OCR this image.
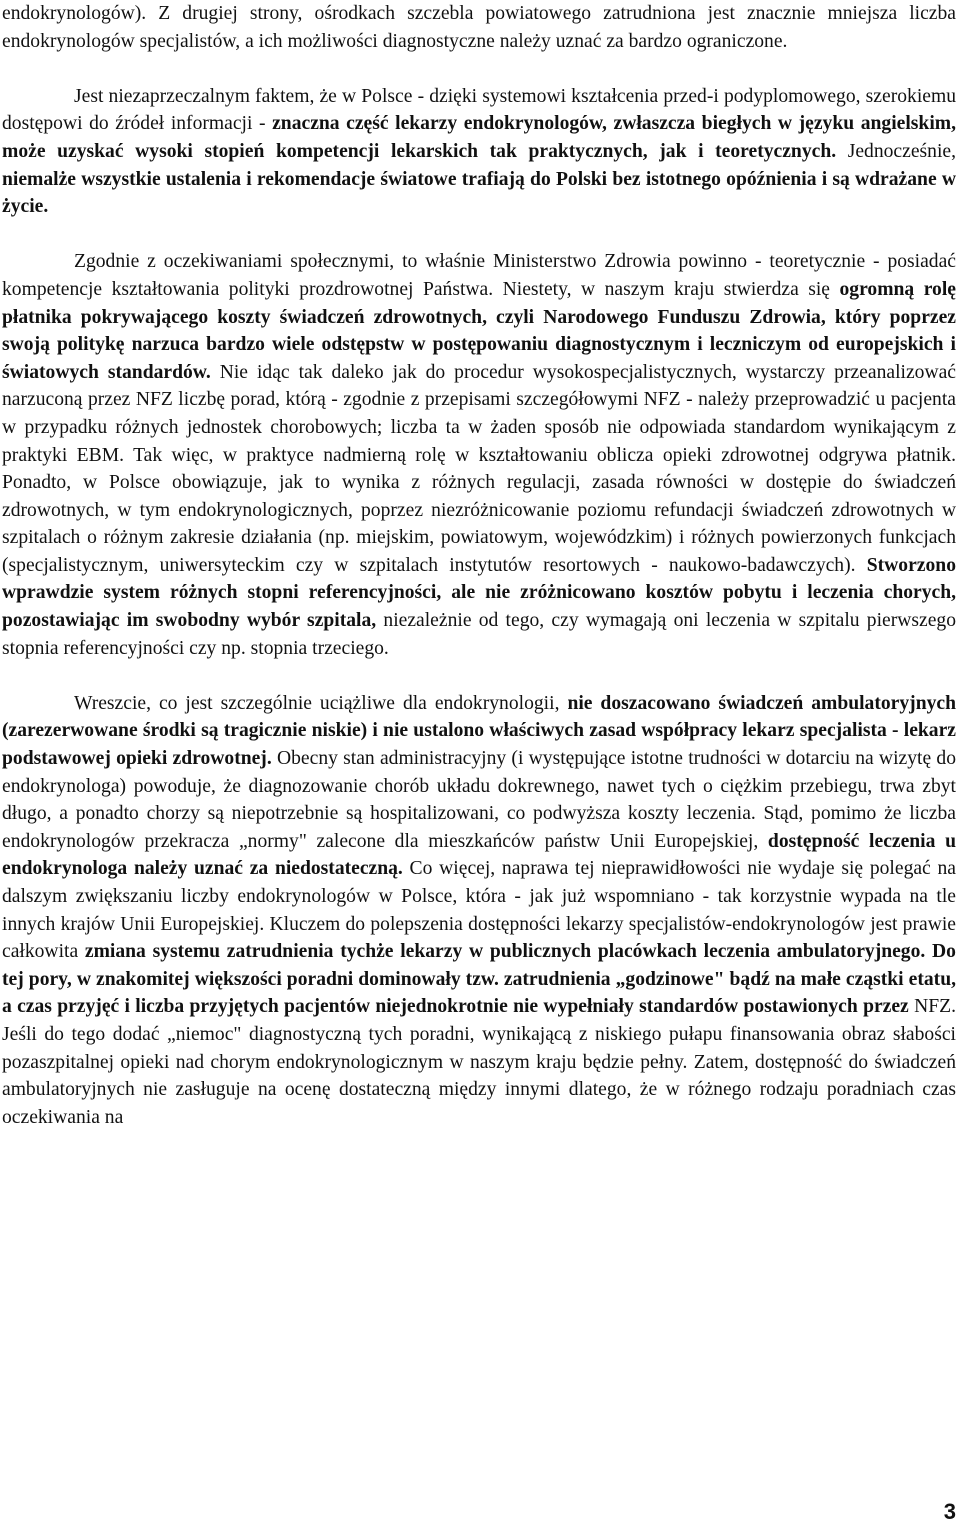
endokrynologów). Z drugiej strony, ośrodkach szczebla powiatowego zatrudniona jest znacznie mniejsza liczba endokrynologów specjalistów, a ich możliwości diagnostyczne należy uznać za bardzo ograniczone.

Jest niezaprzeczalnym faktem, że w Polsce - dzięki systemowi kształcenia przed-i podyplomowego, szerokiemu dostępowi do źródeł informacji - znaczna część lekarzy endokrynologów, zwłaszcza biegłych w języku angielskim, może uzyskać wysoki stopień kompetencji lekarskich tak praktycznych, jak i teoretycznych. Jednocześnie, niemalże wszystkie ustalenia i rekomendacje światowe trafiają do Polski bez istotnego opóźnienia i są wdrażane w życie.

Zgodnie z oczekiwaniami społecznymi, to właśnie Ministerstwo Zdrowia powinno - teoretycznie - posiadać kompetencje kształtowania polityki prozdrowotnej Państwa. Niestety, w naszym kraju stwierdza się ogromną rolę płatnika pokrywającego koszty świadczeń zdrowotnych, czyli Narodowego Funduszu Zdrowia, który poprzez swoją politykę narzuca bardzo wiele odstępstw w postępowaniu diagnostycznym i leczniczym od europejskich i światowych standardów. Nie idąc tak daleko jak do procedur wysokospecjalistycznych, wystarczy przeanalizować narzuconą przez NFZ liczbę porad, którą - zgodnie z przepisami szczegółowymi NFZ - należy przeprowadzić u pacjenta w przypadku różnych jednostek chorobowych; liczba ta w żaden sposób nie odpowiada standardom wynikającym z praktyki EBM. Tak więc, w praktyce nadmierną rolę w kształtowaniu oblicza opieki zdrowotnej odgrywa płatnik. Ponadto, w Polsce obowiązuje, jak to wynika z różnych regulacji, zasada równości w dostępie do świadczeń zdrowotnych, w tym endokrynologicznych, poprzez niezróżnicowanie poziomu refundacji świadczeń zdrowotnych w szpitalach o różnym zakresie działania (np. miejskim, powiatowym, wojewódzkim) i różnych powierzonych funkcjach (specjalistycznym, uniwersyteckim czy w szpitalach instytutów resortowych - naukowo-badawczych). Stworzono wprawdzie system różnych stopni referencyjności, ale nie zróżnicowano kosztów pobytu i leczenia chorych, pozostawiając im swobodny wybór szpitala, niezależnie od tego, czy wymagają oni leczenia w szpitalu pierwszego stopnia referencyjności czy np. stopnia trzeciego.

Wreszcie, co jest szczególnie uciążliwe dla endokrynologii, nie doszacowano świadczeń ambulatoryjnych (zarezerwowane środki są tragicznie niskie) i nie ustalono właściwych zasad współpracy lekarz specjalista - lekarz podstawowej opieki zdrowotnej. Obecny stan administracyjny (i występujące istotne trudności w dotarciu na wizytę do endokrynologa) powoduje, że diagnozowanie chorób układu dokrewnego, nawet tych o ciężkim przebiegu, trwa zbyt długo, a ponadto chorzy są niepotrzebnie są hospitalizowani, co podwyższa koszty leczenia. Stąd, pomimo że liczba endokrynologów przekracza „normy" zalecone dla mieszkańców państw Unii Europejskiej, dostępność leczenia u endokrynologa należy uznać za niedostateczną. Co więcej, naprawa tej nieprawidłowości nie wydaje się polegać na dalszym zwiększaniu liczby endokrynologów w Polsce, która - jak już wspomniano - tak korzystnie wypada na tle innych krajów Unii Europejskiej. Kluczem do polepszenia dostępności lekarzy specjalistów-endokrynologów jest prawie całkowita zmiana systemu zatrudnienia tychże lekarzy w publicznych placówkach leczenia ambulatoryjnego. Do tej pory, w znakomitej większości poradni dominowały tzw. zatrudnienia „godzinowe" bądź na małe cząstki etatu, a czas przyjęć i liczba przyjętych pacjentów niejednokrotnie nie wypełniały standardów postawionych przez NFZ. Jeśli do tego dodać „niemoc" diagnostyczną tych poradni, wynikającą z niskiego pułapu finansowania obraz słabości pozaszpitalnej opieki nad chorym endokrynologicznym w naszym kraju będzie pełny. Zatem, dostępność do świadczeń ambulatoryjnych nie zasługuje na ocenę dostateczną między innymi dlatego, że w różnego rodzaju poradniach czas oczekiwania na

3
